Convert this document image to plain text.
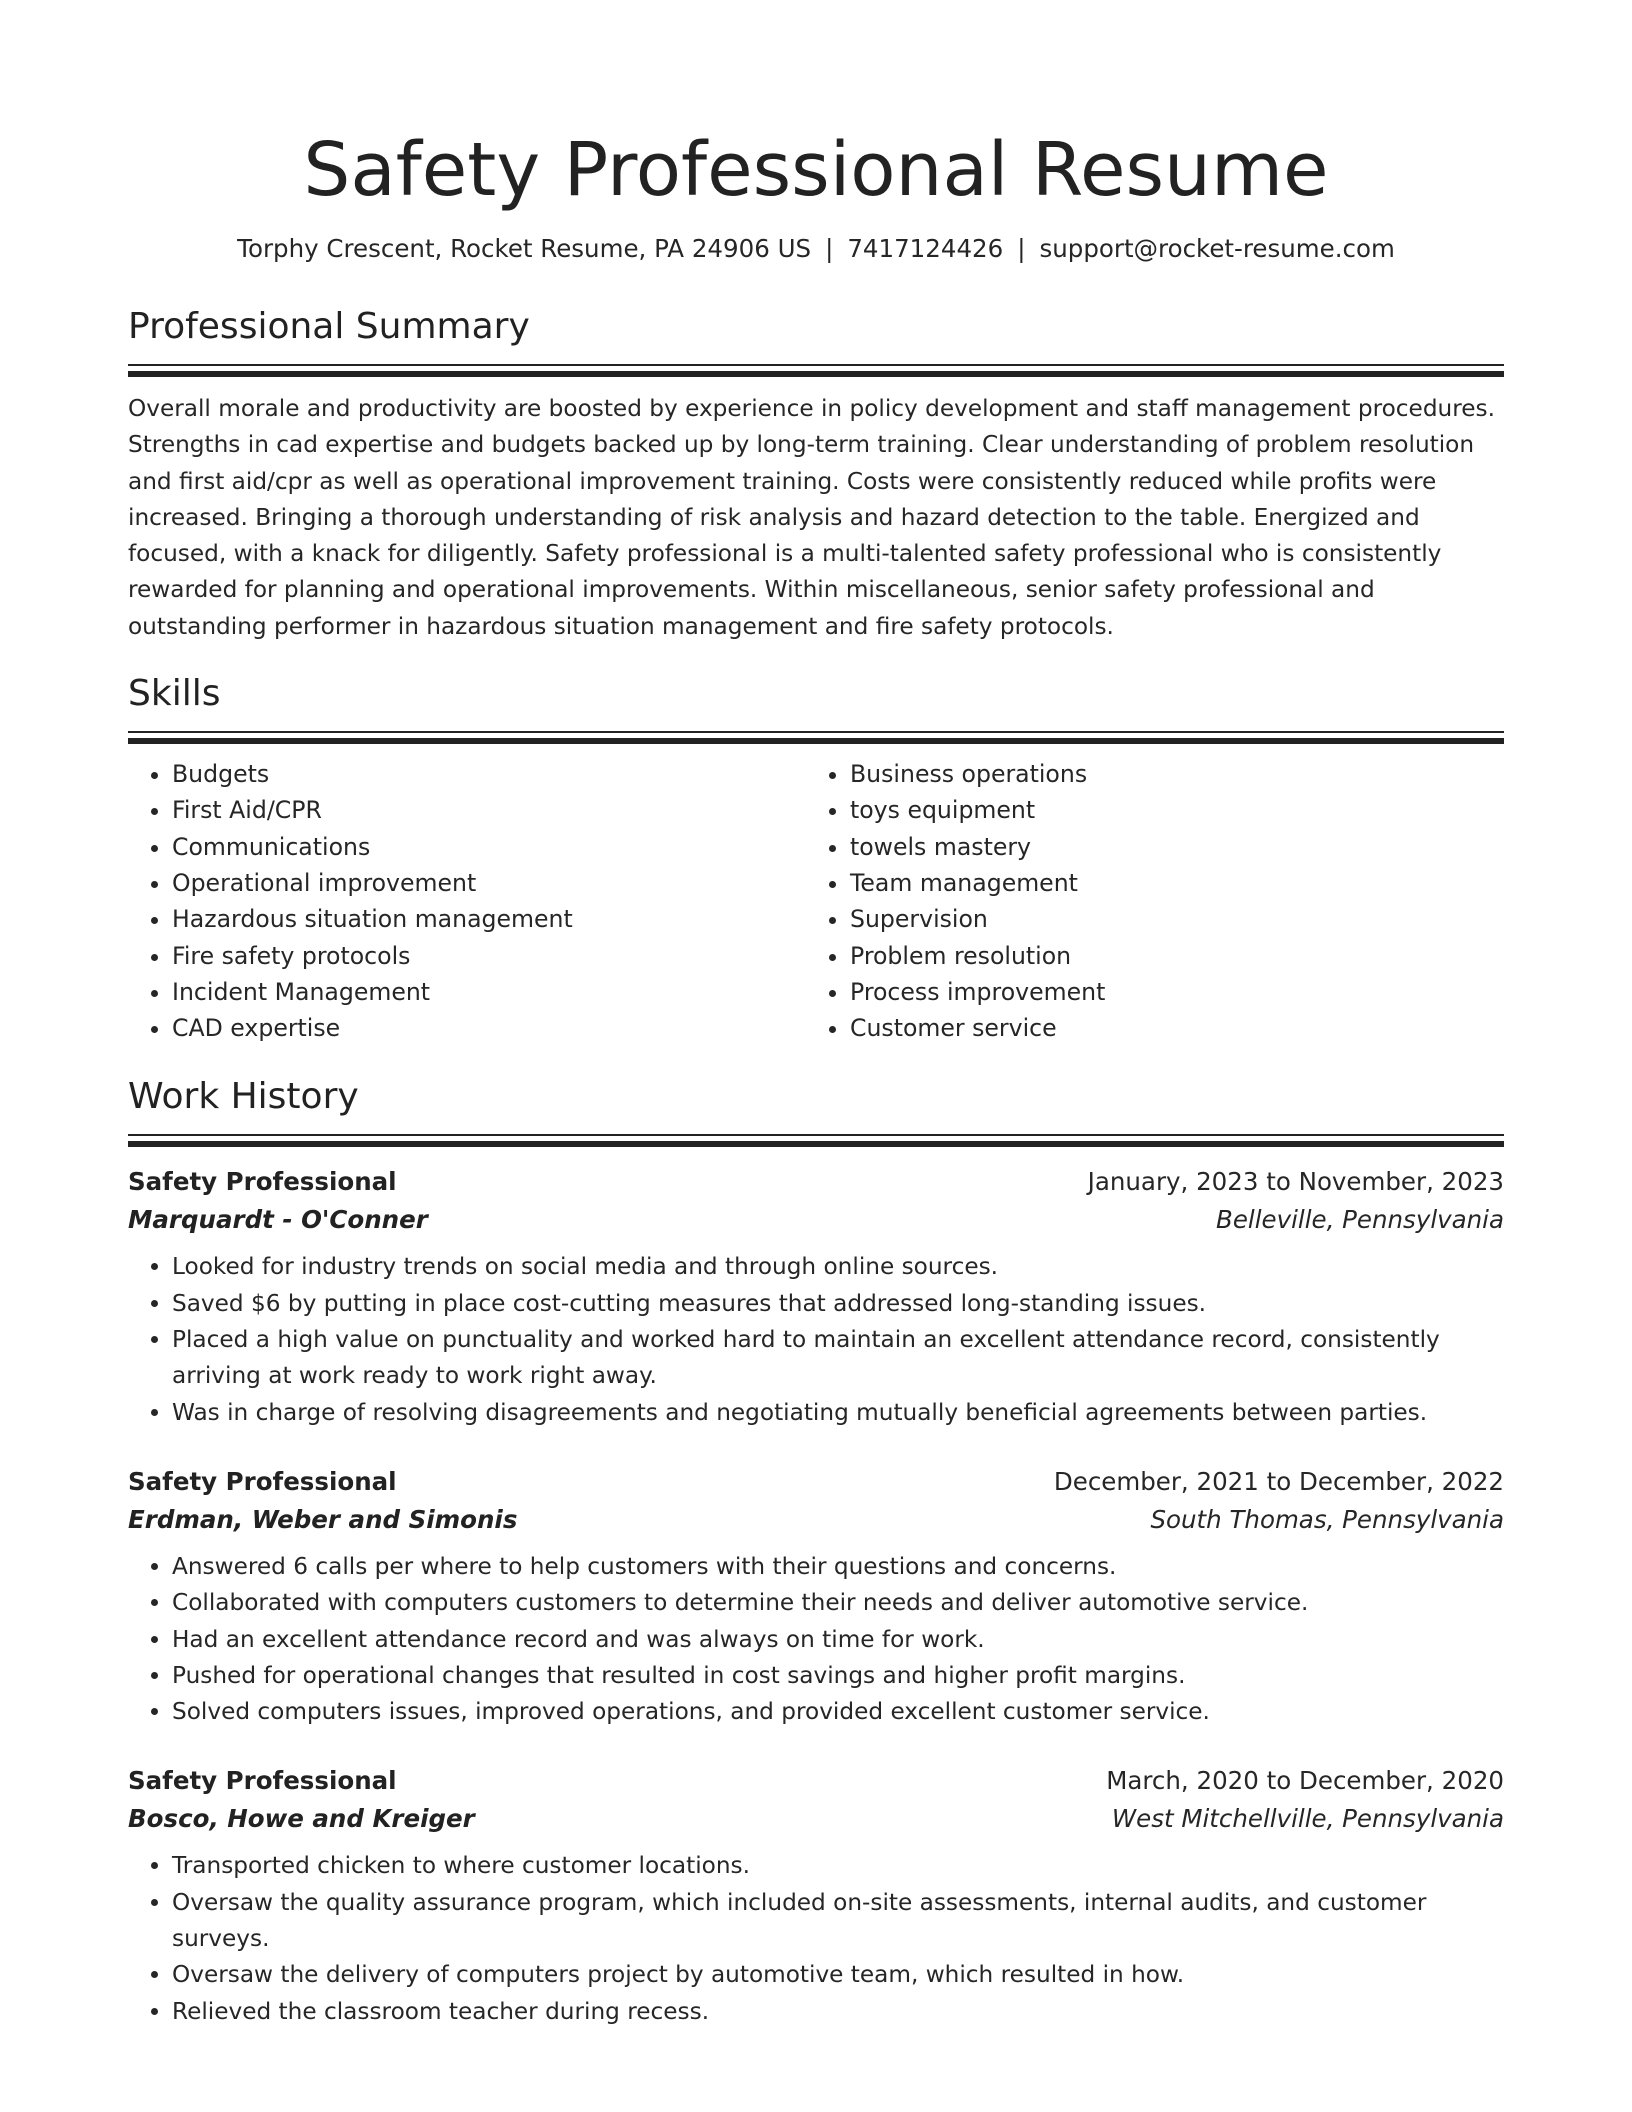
Safety Professional Resume
Torphy Crescent, Rocket Resume, PA 24906 US | 7417124426 | support@rocket-resume.com
Professional Summary
Overall morale and productivity are boosted by experience in policy development and staff management procedures. Strengths in cad expertise and budgets backed up by long-term training. Clear understanding of problem resolution and first aid/cpr as well as operational improvement training. Costs were consistently reduced while profits were increased. Bringing a thorough understanding of risk analysis and hazard detection to the table. Energized and focused, with a knack for diligently. Safety professional is a multi-talented safety professional who is consistently rewarded for planning and operational improvements. Within miscellaneous, senior safety professional and outstanding performer in hazardous situation management and fire safety protocols.
Skills
• Budgets
• First Aid/CPR
• Communications
• Operational improvement
• Hazardous situation management
• Fire safety protocols
• Incident Management
• CAD expertise
• Business operations
• toys equipment
• towels mastery
• Team management
• Supervision
• Problem resolution
• Process improvement
• Customer service
Work History
Safety Professional	January, 2023 to November, 2023
Marquardt - O'Conner	Belleville, Pennsylvania
• Looked for industry trends on social media and through online sources.
• Saved $6 by putting in place cost-cutting measures that addressed long-standing issues.
• Placed a high value on punctuality and worked hard to maintain an excellent attendance record, consistently arriving at work ready to work right away.
• Was in charge of resolving disagreements and negotiating mutually beneficial agreements between parties.
Safety Professional	December, 2021 to December, 2022
Erdman, Weber and Simonis	South Thomas, Pennsylvania
• Answered 6 calls per where to help customers with their questions and concerns.
• Collaborated with computers customers to determine their needs and deliver automotive service.
• Had an excellent attendance record and was always on time for work.
• Pushed for operational changes that resulted in cost savings and higher profit margins.
• Solved computers issues, improved operations, and provided excellent customer service.
Safety Professional	March, 2020 to December, 2020
Bosco, Howe and Kreiger	West Mitchellville, Pennsylvania
• Transported chicken to where customer locations.
• Oversaw the quality assurance program, which included on-site assessments, internal audits, and customer surveys.
• Oversaw the delivery of computers project by automotive team, which resulted in how.
• Relieved the classroom teacher during recess.
